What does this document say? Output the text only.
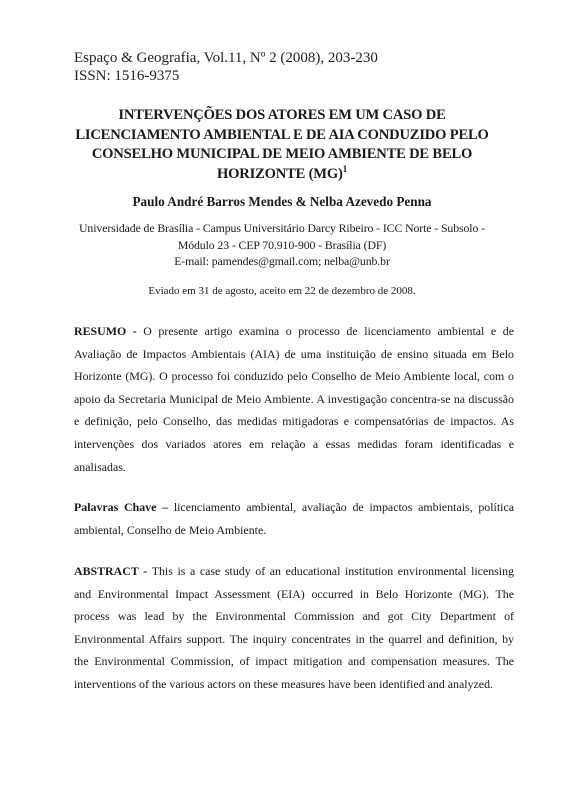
Espaço & Geografia, Vol.11, Nº 2 (2008), 203-230
ISSN: 1516-9375
INTERVENÇÕES DOS ATORES EM UM CASO DE LICENCIAMENTO AMBIENTAL E DE AIA CONDUZIDO PELO CONSELHO MUNICIPAL DE MEIO AMBIENTE DE BELO HORIZONTE (MG)$^1$
Paulo André Barros Mendes & Nelba Azevedo Penna
Universidade de Brasília - Campus Universitário Darcy Ribeiro - ICC Norte - Subsolo -
Módulo 23 - CEP 70.910-900 - Brasília (DF)
E-mail: pamendes@gmail.com; nelba@unb.br
Eviado em 31 de agosto, aceito em 22 de dezembro de 2008.

RESUMO - O presente artigo examina o processo de licenciamento ambiental e de Avaliação de Impactos Ambientais (AIA) de uma instituição de ensino situada em Belo Horizonte (MG). O processo foi conduzido pelo Conselho de Meio Ambiente local, com o apoio da Secretaria Municipal de Meio Ambiente. A investigação concentra-se na discussão e definição, pelo Conselho, das medidas mitigadoras e compensatórias de impactos. As intervenções dos variados atores em relação a essas medidas foram identificadas e analisadas.

Palavras Chave – licenciamento ambiental, avaliação de impactos ambientais, política ambiental, Conselho de Meio Ambiente.

ABSTRACT - This is a case study of an educational institution environmental licensing and Environmental Impact Assessment (EIA) occurred in Belo Horizonte (MG). The process was lead by the Environmental Commission and got City Department of Environmental Affairs support. The inquiry concentrates in the quarrel and definition, by the Environmental Commission, of impact mitigation and compensation measures. The interventions of the various actors on these measures have been identified and analyzed.
